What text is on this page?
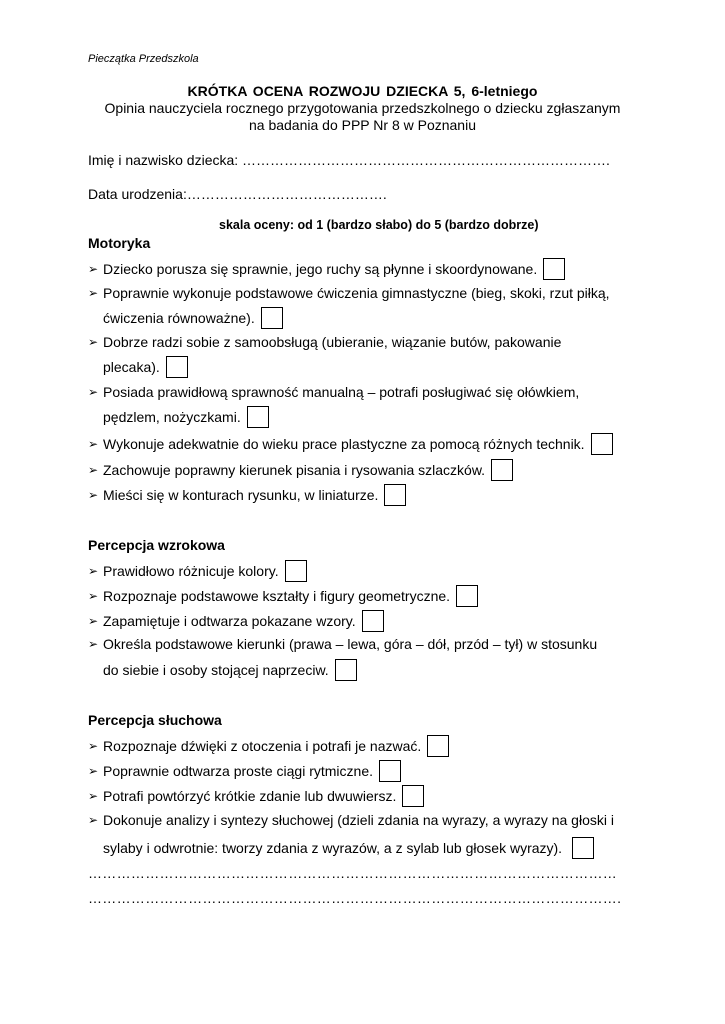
Pieczątka Przedszkola
KRÓTKA OCENA ROZWOJU DZIECKA 5, 6-letniego
Opinia nauczyciela rocznego przygotowania przedszkolnego o dziecku zgłaszanym
na badania do PPP Nr 8 w Poznaniu
Imię i nazwisko dziecka: …………………………………………………………………….
Data urodzenia:…………………………………….
skala oceny: od 1 (bardzo słabo) do 5 (bardzo dobrze)
Motoryka
➢ Dziecko porusza się sprawnie, jego ruchy są płynne i skoordynowane.
➢ Poprawnie wykonuje podstawowe ćwiczenia gimnastyczne (bieg, skoki, rzut piłką,
ćwiczenia równoważne).
➢ Dobrze radzi sobie z samoobsługą (ubieranie, wiązanie butów, pakowanie
plecaka).
➢ Posiada prawidłową sprawność manualną – potrafi posługiwać się ołówkiem,
pędzlem, nożyczkami.
➢ Wykonuje adekwatnie do wieku prace plastyczne za pomocą różnych technik.
➢ Zachowuje poprawny kierunek pisania i rysowania szlaczków.
➢ Mieści się w konturach rysunku, w liniaturze.
Percepcja wzrokowa
➢ Prawidłowo różnicuje kolory.
➢ Rozpoznaje podstawowe kształty i figury geometryczne.
➢ Zapamiętuje i odtwarza pokazane wzory.
➢ Określa podstawowe kierunki (prawa – lewa, góra – dół, przód – tył) w stosunku
do siebie i osoby stojącej naprzeciw.
Percepcja słuchowa
➢ Rozpoznaje dźwięki z otoczenia i potrafi je nazwać.
➢ Poprawnie odtwarza proste ciągi rytmiczne.
➢ Potrafi powtórzyć krótkie zdanie lub dwuwiersz.
➢ Dokonuje analizy i syntezy słuchowej (dzieli zdania na wyrazy, a wyrazy na głoski i
sylaby i odwrotnie: tworzy zdania z wyrazów, a z sylab lub głosek wyrazy).
…………………………………………………………………………………………………
………………………………………………………………………………………………….
